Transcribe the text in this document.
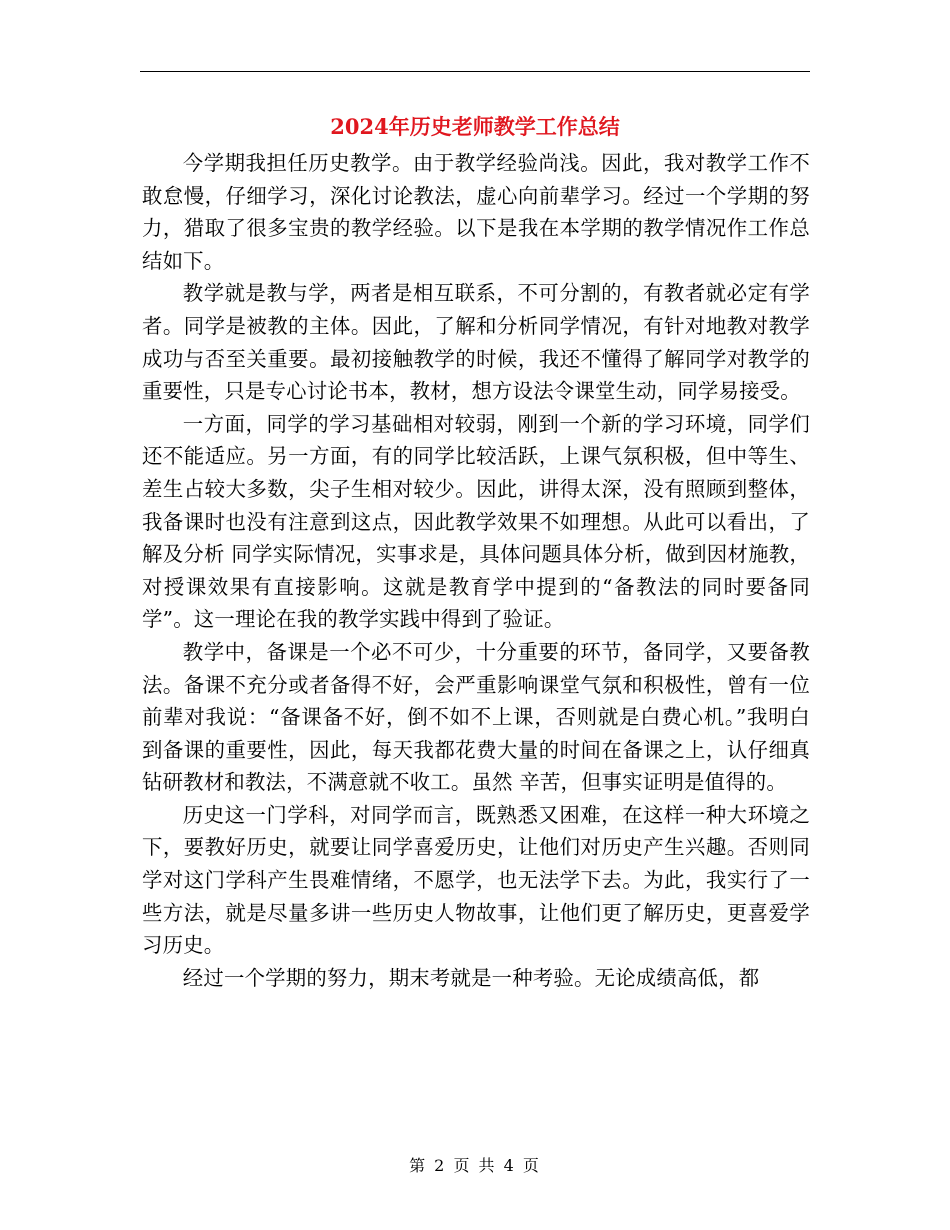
2024年历史老师教学工作总结

今学期我担任历史教学。由于教学经验尚浅。因此，我对教学工作不敢怠慢，仔细学习，深化讨论教法，虚心向前辈学习。经过一个学期的努力，猎取了很多宝贵的教学经验。以下是我在本学期的教学情况作工作总结如下。

教学就是教与学，两者是相互联系，不可分割的，有教者就必定有学者。同学是被教的主体。因此，了解和分析同学情况，有针对地教对教学成功与否至关重要。最初接触教学的时候，我还不懂得了解同学对教学的重要性，只是专心讨论书本，教材，想方设法令课堂生动，同学易接受。

一方面，同学的学习基础相对较弱，刚到一个新的学习环境，同学们还不能适应。另一方面，有的同学比较活跃，上课气氛积极，但中等生、差生占较大多数，尖子生相对较少。因此，讲得太深，没有照顾到整体，我备课时也没有注意到这点，因此教学效果不如理想。从此可以看出，了解及分析 同学实际情况，实事求是，具体问题具体分析，做到因材施教，对授课效果有直接影响。这就是教育学中提到的“备教法的同时要备同学”。这一理论在我的教学实践中得到了验证。

教学中，备课是一个必不可少，十分重要的环节，备同学，又要备教法。备课不充分或者备得不好，会严重影响课堂气氛和积极性，曾有一位前辈对我说：“备课备不好，倒不如不上课，否则就是白费心机。”我明白到备课的重要性，因此，每天我都花费大量的时间在备课之上，认仔细真钻研教材和教法，不满意就不收工。虽然 辛苦，但事实证明是值得的。

历史这一门学科，对同学而言，既熟悉又困难，在这样一种大环境之下，要教好历史，就要让同学喜爱历史，让他们对历史产生兴趣。否则同学对这门学科产生畏难情绪，不愿学，也无法学下去。为此，我实行了一些方法，就是尽量多讲一些历史人物故事，让他们更了解历史，更喜爱学习历史。

经过一个学期的努力，期末考就是一种考验。无论成绩高低，都

第 2 页 共 4 页
